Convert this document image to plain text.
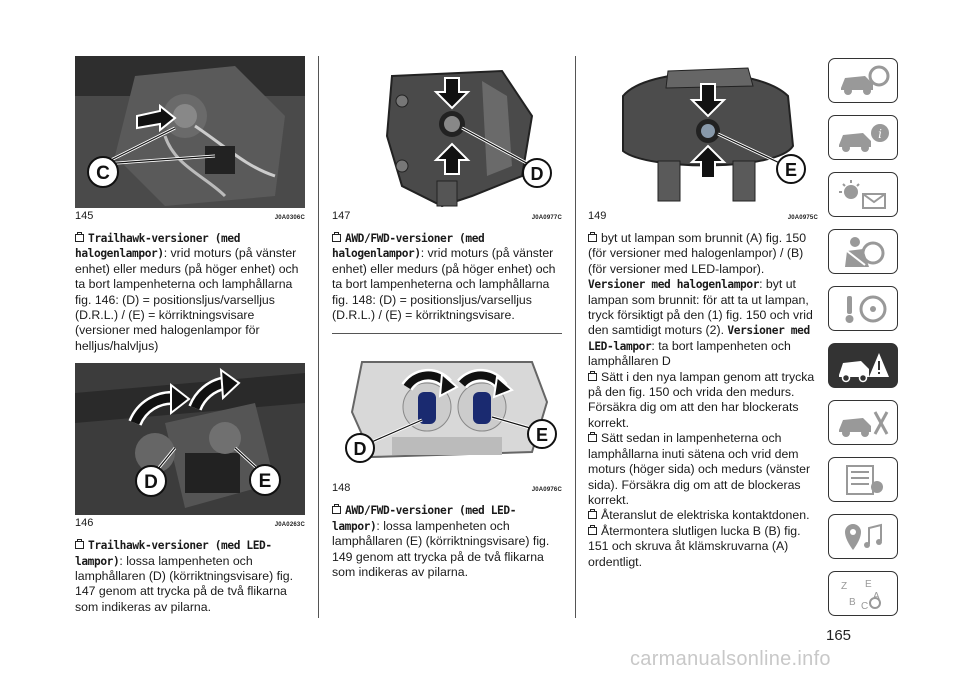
C
145	J0A0306C
Trailhawk-versioner (med halogenlampor): vrid moturs (på vänster enhet) eller medurs (på höger enhet) och ta bort lampenheterna och lamphållarna fig. 146: (D) = positionsljus/varselljus (D.R.L.) / (E) = körriktningsvisare (versioner med halogenlampor för helljus/halvljus)
D	E
146	J0A0263C
Trailhawk-versioner (med LED-lampor): lossa lampenheten och lamphållaren (D) (körriktningsvisare) fig. 147 genom att trycka på de två flikarna som indikeras av pilarna.
D
147	J0A0977C
AWD/FWD-versioner (med halogenlampor): vrid moturs (på vänster enhet) eller medurs (på höger enhet) och ta bort lampenheterna och lamphållarna fig. 148: (D) = positionsljus/varselljus (D.R.L.) / (E) = körriktningsvisare.
D
E
148	J0A0976C
AWD/FWD-versioner (med LED-lampor): lossa lampenheten och lamphållaren (E) (körriktningsvisare) fig. 149 genom att trycka på de två flikarna som indikeras av pilarna.
E
149	J0A0975C
byt ut lampan som brunnit (A) fig. 150 (för versioner med halogenlampor) / (B) (för versioner med LED-lampor). Versioner med halogenlampor: byt ut lampan som brunnit: för att ta ut lampan, tryck försiktigt på den (1) fig. 150 och vrid den samtidigt moturs (2). Versioner med LED-lampor: ta bort lampenheten och lamphållaren D
Sätt i den nya lampan genom att trycka på den fig. 150 och vrida den medurs. Försäkra dig om att den har blockerats korrekt.
Sätt sedan in lampenheterna och lamphållarna inuti sätena och vrid dem moturs (höger sida) och medurs (vänster sida). Försäkra dig om att de blockeras korrekt.
Återanslut de elektriska kontaktdonen.
Återmontera slutligen lucka B (B) fig. 151 och skruva åt klämskruvarna (A) ordentligt.
i
Z E
B
A
C
165
carmanualsonline.info
